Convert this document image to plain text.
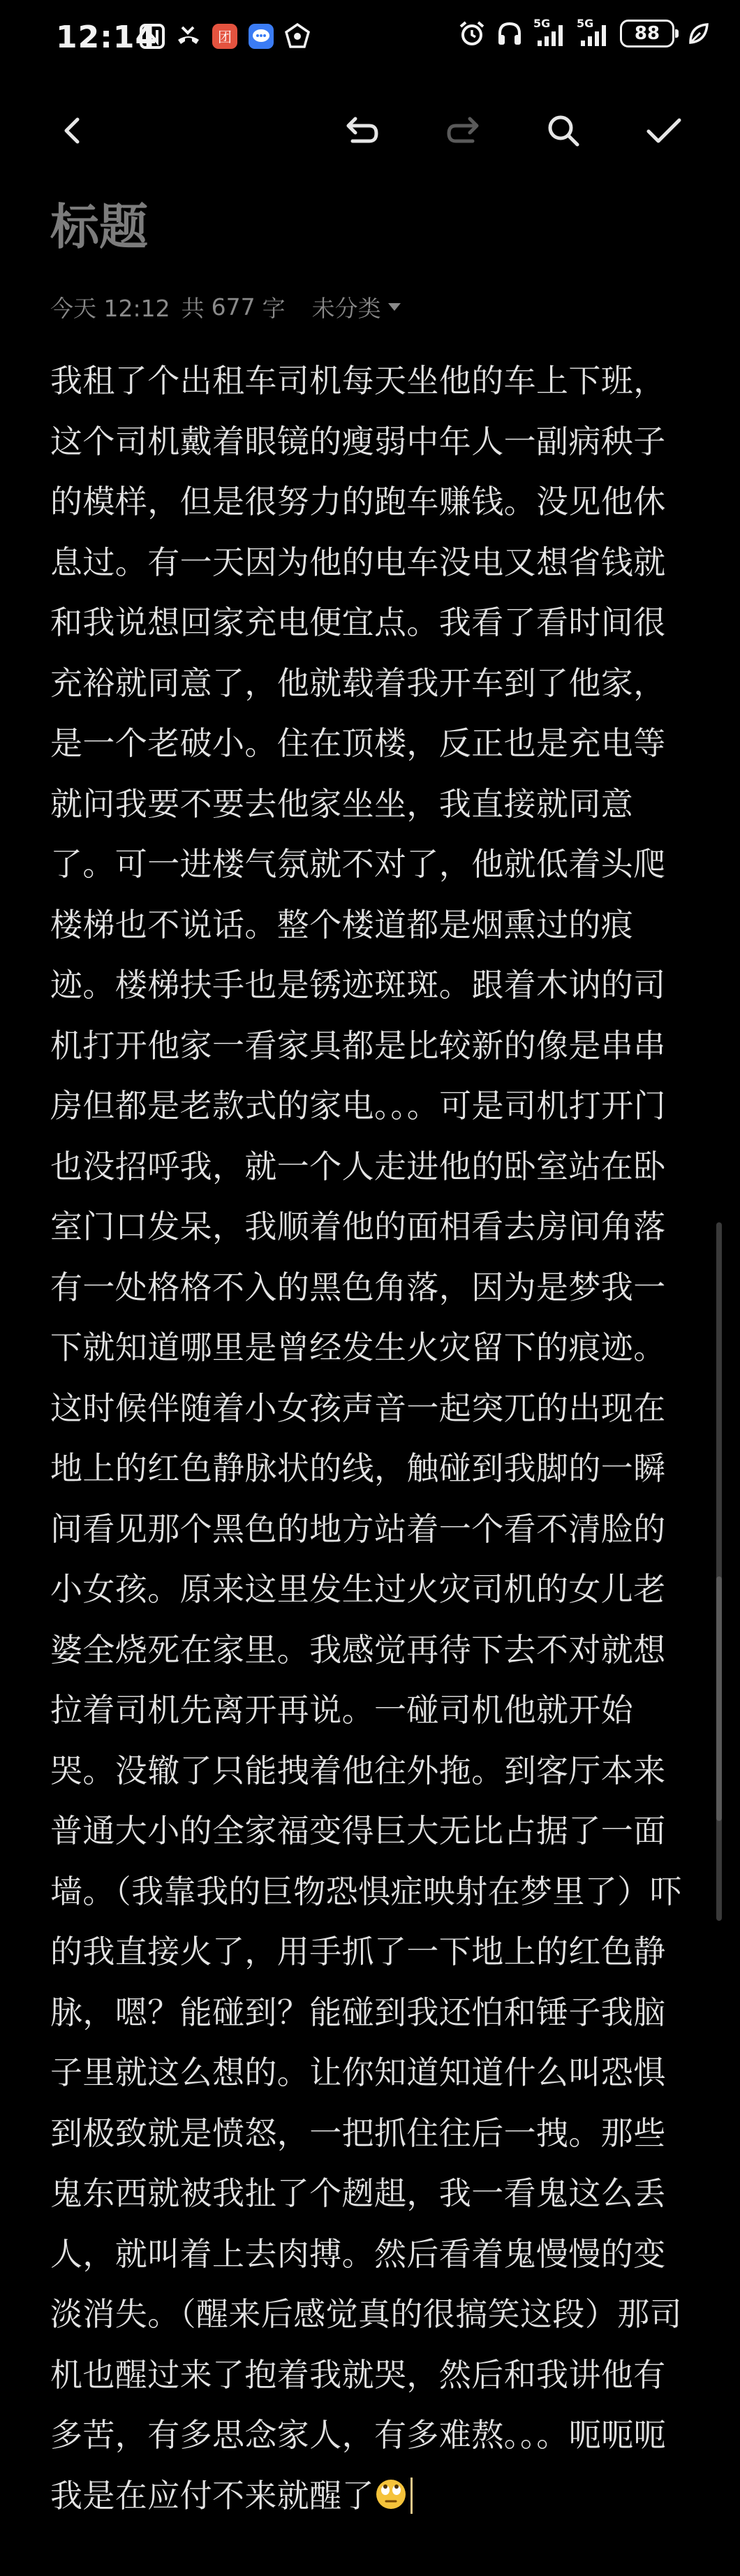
12:14	团
5G 5G 88
标题
今天 12:12 共 677 字 未分类
我租了个出租车司机每天坐他的车上下班，这个司机戴着眼镜的瘦弱中年人一副病秧子的模样，但是很努力的跑车赚钱。没见他休息过。有一天因为他的电车没电又想省钱就和我说想回家充电便宜点。我看了看时间很充裕就同意了，他就载着我开车到了他家，是一个老破小。住在顶楼，反正也是充电等就问我要不要去他家坐坐，我直接就同意了。可一进楼气氛就不对了，他就低着头爬楼梯也不说话。整个楼道都是烟熏过的痕迹。楼梯扶手也是锈迹斑斑。跟着木讷的司机打开他家一看家具都是比较新的像是串串房但都是老款式的家电。。。可是司机打开门也没招呼我，就一个人走进他的卧室站在卧室门口发呆，我顺着他的面相看去房间角落有一处格格不入的黑色角落，因为是梦我一下就知道哪里是曾经发生火灾留下的痕迹。这时候伴随着小女孩声音一起突兀的出现在地上的红色静脉状的线，触碰到我脚的一瞬间看见那个黑色的地方站着一个看不清脸的小女孩。原来这里发生过火灾司机的女儿老婆全烧死在家里。我感觉再待下去不对就想拉着司机先离开再说。一碰司机他就开始哭。没辙了只能拽着他往外拖。到客厅本来普通大小的全家福变得巨大无比占据了一面墙。（我靠我的巨物恐惧症映射在梦里了）吓的我直接火了，用手抓了一下地上的红色静脉，嗯？能碰到？能碰到我还怕和锤子我脑子里就这么想的。让你知道知道什么叫恐惧到极致就是愤怒，一把抓住往后一拽。那些鬼东西就被我扯了个趔趄，我一看鬼这么丢人，就叫着上去肉搏。然后看着鬼慢慢的变淡消失。（醒来后感觉真的很搞笑这段）那司机也醒过来了抱着我就哭，然后和我讲他有多苦，有多思念家人，有多难熬。。。呃呃呃我是在应付不来就醒了
